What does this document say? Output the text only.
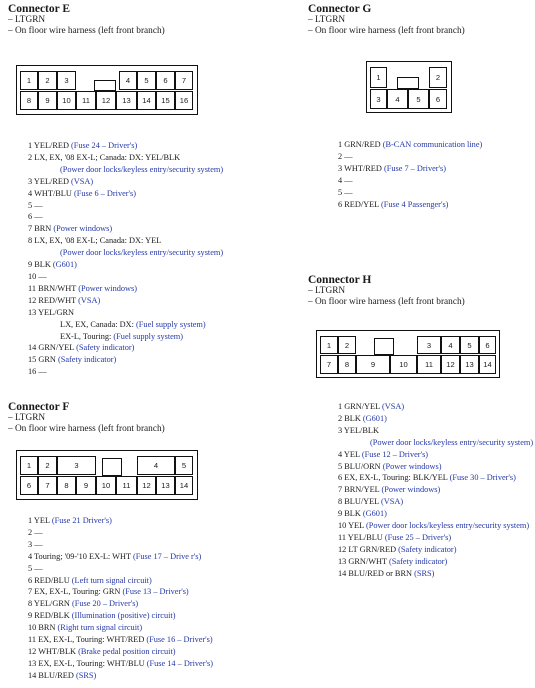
Connector E
– LTGRN
– On floor wire harness (left front branch)
1	2	3	4	5	6	7
8	9	10	11	12	13	14	15	16
1 YEL/RED (Fuse 24 – Driver's)
2 LX, EX, '08 EX-L; Canada: DX: YEL/BLK
(Power door locks/keyless entry/security system)
3 YEL/RED (VSA)
4 WHT/BLU (Fuse 6 – Driver's)
5 —
6 —
7 BRN (Power windows)
8 LX, EX, '08 EX-L; Canada: DX: YEL
(Power door locks/keyless entry/security system)
9 BLK (G601)
10 —
11 BRN/WHT (Power windows)
12 RED/WHT (VSA)
13 YEL/GRN
LX, EX, Canada: DX: (Fuel supply system)
EX-L, Touring: (Fuel supply system)
14 GRN/YEL (Safety indicator)
15 GRN (Safety indicator)
16 —
Connector F
– LTGRN
– On floor wire harness (left front branch)
1	2	3	4	5
6	7	8	9	10	11	12	13	14
1 YEL (Fuse 21 Driver's)
2 —
3 —
4 Touring; '09-'10 EX-L: WHT (Fuse 17 – Drive r's)
5 —
6 RED/BLU (Left turn signal circuit)
7 EX, EX-L, Touring: GRN (Fuse 13 – Driver's)
8 YEL/GRN (Fuse 20 – Driver's)
9 RED/BLK (Illumination (positive) circuit)
10 BRN (Right turn signal circuit)
11 EX, EX-L, Touring: WHT/RED (Fuse 16 – Driver's)
12 WHT/BLK (Brake pedal position circuit)
13 EX, EX-L, Touring: WHT/BLU (Fuse 14 – Driver's)
14 BLU/RED (SRS)
Connector G
– LTGRN
– On floor wire harness (left front branch)
1	2
3	4	5	6
1 GRN/RED (B-CAN communication line)
2 —
3 WHT/RED (Fuse 7 – Driver's)
4 —
5 —
6 RED/YEL (Fuse 4 Passenger's)
Connector H
– LTGRN
– On floor wire harness (left front branch)
1	2	3	4	5	6
7	8	9	10	11	12	13	14
1 GRN/YEL (VSA)
2 BLK (G601)
3 YEL/BLK
(Power door locks/keyless entry/security system)
4 YEL (Fuse 12 – Driver's)
5 BLU/ORN (Power windows)
6 EX, EX-L, Touring: BLK/YEL (Fuse 30 – Driver's)
7 BRN/YEL (Power windows)
8 BLU/YEL (VSA)
9 BLK (G601)
10 YEL (Power door locks/keyless entry/security system)
11 YEL/BLU (Fuse 25 – Driver's)
12 LT GRN/RED (Safety indicator)
13 GRN/WHT (Safety indicator)
14 BLU/RED or BRN (SRS)
